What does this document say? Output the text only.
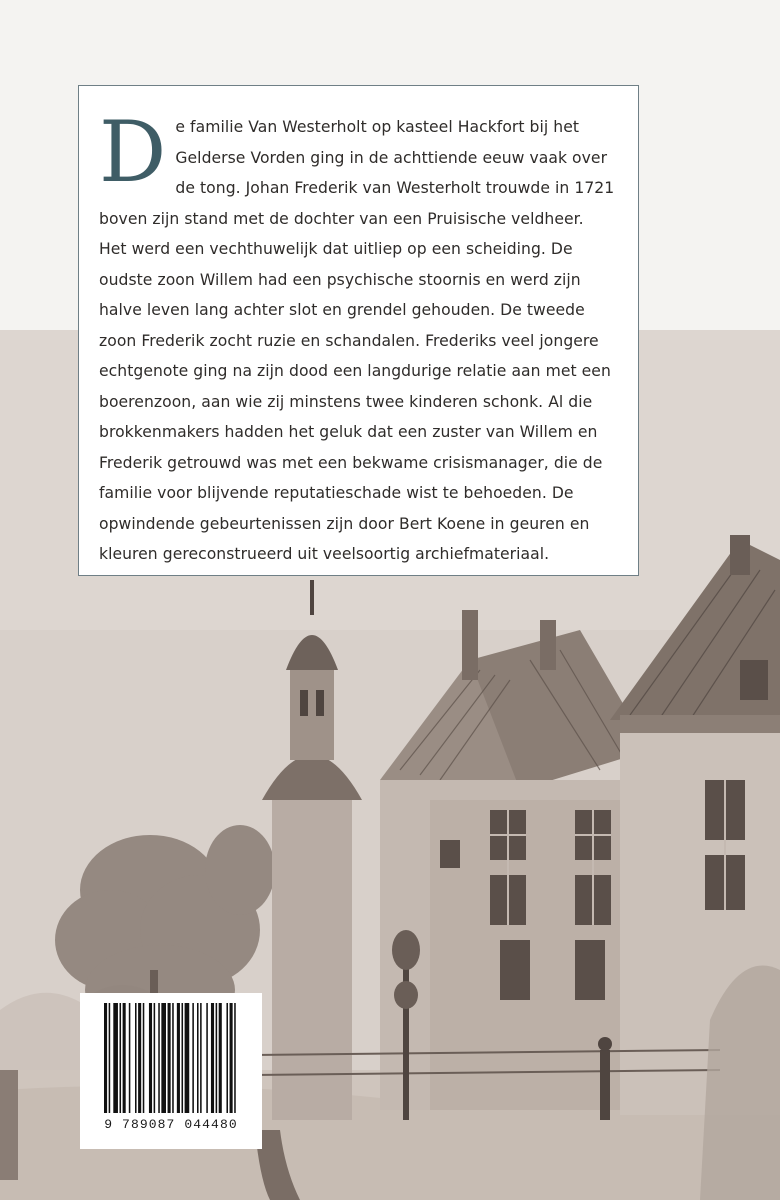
De familie Van Westerholt op kasteel Hackfort bij het Gelderse Vorden ging in de achttiende eeuw vaak over de tong. Johan Frederik van Westerholt trouwde in 1721 boven zijn stand met de dochter van een Pruisische veldheer. Het werd een vechthuwelijk dat uitliep op een scheiding. De oudste zoon Willem had een psychische stoornis en werd zijn halve leven lang achter slot en grendel gehouden. De tweede zoon Frederik zocht ruzie en schandalen. Frederiks veel jongere echtgenote ging na zijn dood een langdurige relatie aan met een boerenzoon, aan wie zij minstens twee kinderen schonk. Al die brokkenmakers hadden het geluk dat een zuster van Willem en Frederik getrouwd was met een bekwame crisismanager, die de familie voor blijvende reputatieschade wist te behoeden. De opwindende gebeurtenissen zijn door Bert Koene in geuren en kleuren gereconstrueerd uit veelsoortig archiefmateriaal.

9 789087 044480
